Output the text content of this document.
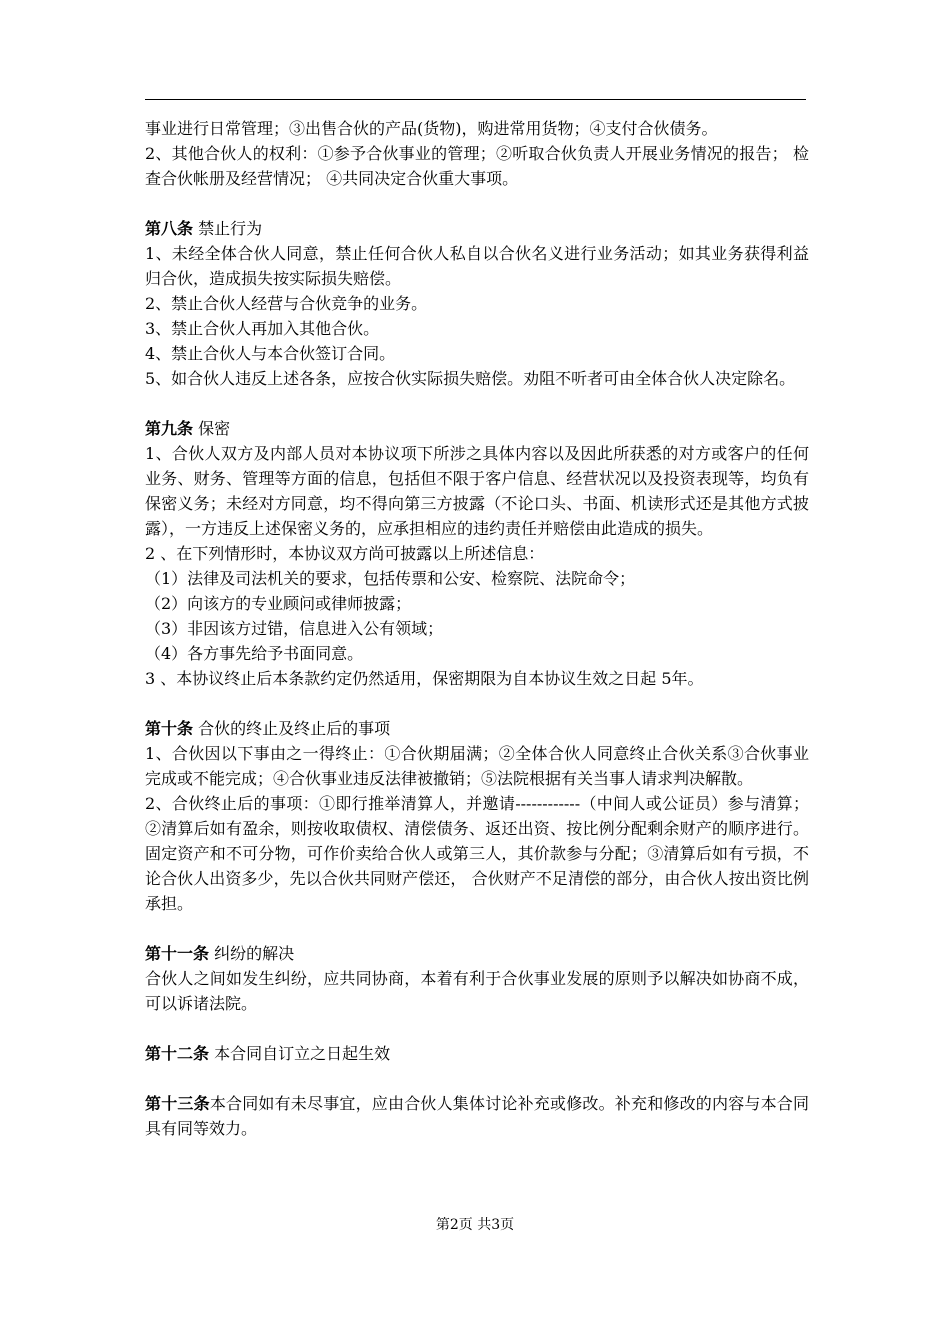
事业进行日常管理；③出售合伙的产品(货物)，购进常用货物；④支付合伙债务。

2、其他合伙人的权利：①参予合伙事业的管理；②听取合伙负责人开展业务情况的报告； 检查合伙帐册及经营情况； ④共同决定合伙重大事项。

第八条 禁止行为

1、未经全体合伙人同意，禁止任何合伙人私自以合伙名义进行业务活动；如其业务获得利益归合伙，造成损失按实际损失赔偿。

2、禁止合伙人经营与合伙竞争的业务。

3、禁止合伙人再加入其他合伙。

4、禁止合伙人与本合伙签订合同。

5、如合伙人违反上述各条，应按合伙实际损失赔偿。劝阻不听者可由全体合伙人决定除名。

第九条 保密

1、合伙人双方及内部人员对本协议项下所涉之具体内容以及因此所获悉的对方或客户的任何业务、财务、管理等方面的信息，包括但不限于客户信息、经营状况以及投资表现等，均负有保密义务；未经对方同意，均不得向第三方披露（不论口头、书面、机读形式还是其他方式披露），一方违反上述保密义务的，应承担相应的违约责任并赔偿由此造成的损失。

2 、在下列情形时，本协议双方尚可披露以上所述信息：

（1）法律及司法机关的要求，包括传票和公安、检察院、法院命令；

（2）向该方的专业顾问或律师披露；

（3）非因该方过错，信息进入公有领域；

（4）各方事先给予书面同意。

3 、本协议终止后本条款约定仍然适用，保密期限为自本协议生效之日起 5年。

第十条 合伙的终止及终止后的事项

1、合伙因以下事由之一得终止：①合伙期届满；②全体合伙人同意终止合伙关系③合伙事业完成或不能完成；④合伙事业违反法律被撤销；⑤法院根据有关当事人请求判决解散。

2、合伙终止后的事项：①即行推举清算人，并邀请------------（中间人或公证员）参与清算；②清算后如有盈余，则按收取债权、清偿债务、返还出资、按比例分配剩余财产的顺序进行。固定资产和不可分物，可作价卖给合伙人或第三人，其价款参与分配；③清算后如有亏损，不论合伙人出资多少，先以合伙共同财产偿还， 合伙财产不足清偿的部分，由合伙人按出资比例承担。

第十一条 纠纷的解决

合伙人之间如发生纠纷，应共同协商，本着有利于合伙事业发展的原则予以解决如协商不成，可以诉诸法院。

第十二条 本合同自订立之日起生效

第十三条本合同如有未尽事宜，应由合伙人集体讨论补充或修改。补充和修改的内容与本合同具有同等效力。

第2页 共3页
